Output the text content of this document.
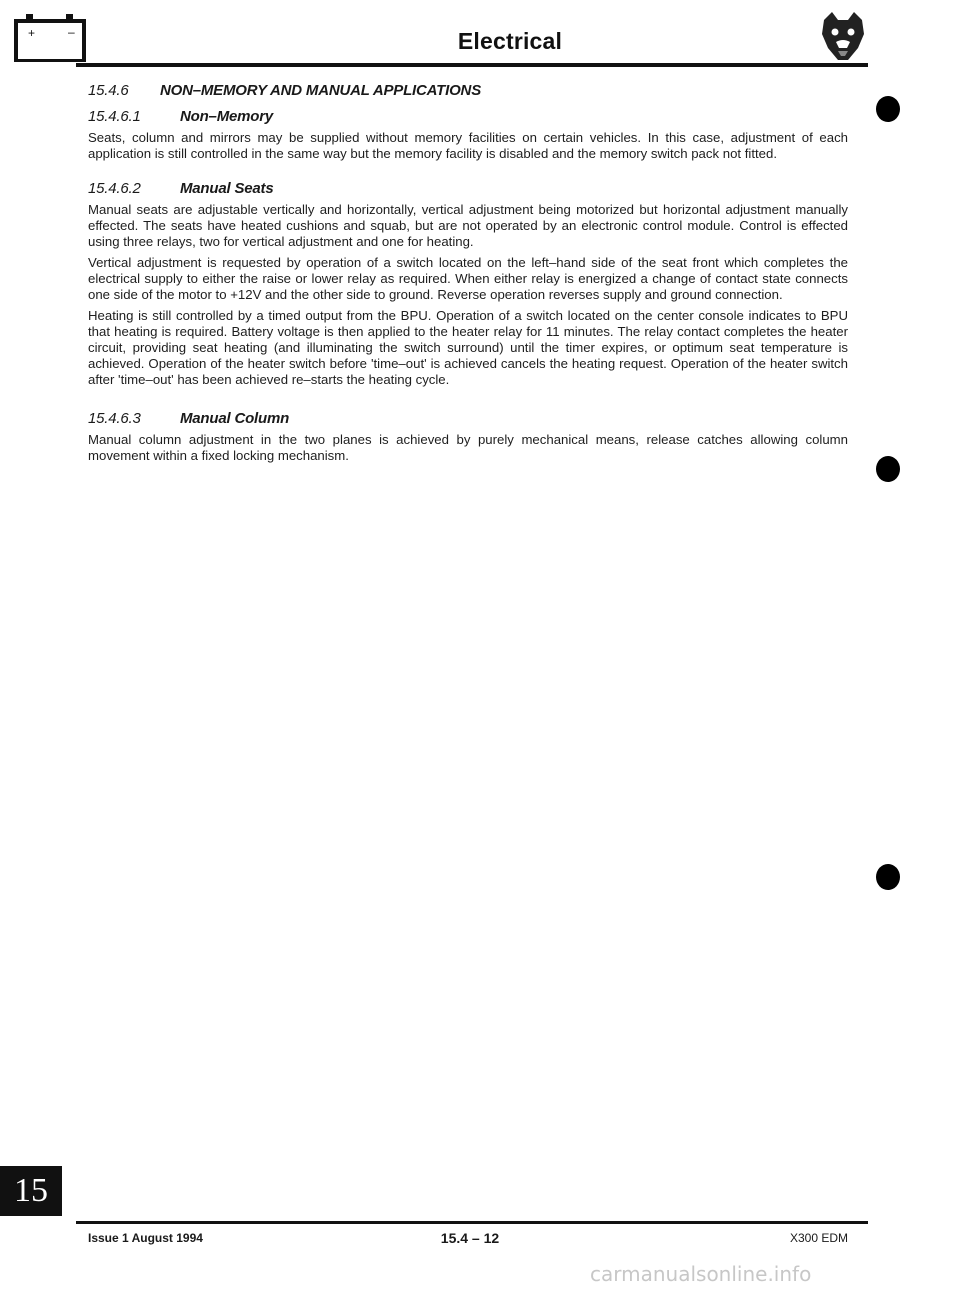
+	–	Electrical
15.4.6 NON–MEMORY AND MANUAL APPLICATIONS
15.4.6.1	Non–Memory

Seats, column and mirrors may be supplied without memory facilities on certain vehicles. In this case, adjustment of each application is still controlled in the same way but the memory facility is disabled and the memory switch pack not fitted.

15.4.6.2	Manual Seats

Manual seats are adjustable vertically and horizontally, vertical adjustment being motorized but horizontal adjustment manually effected. The seats have heated cushions and squab, but are not operated by an electronic control module. Control is effected using three relays, two for vertical adjustment and one for heating.

Vertical adjustment is requested by operation of a switch located on the left–hand side of the seat front which completes the electrical supply to either the raise or lower relay as required. When either relay is energized a change of contact state connects one side of the motor to +12V and the other side to ground. Reverse operation reverses supply and ground connection.

Heating is still controlled by a timed output from the BPU. Operation of a switch located on the center console indicates to BPU that heating is required. Battery voltage is then applied to the heater relay for 11 minutes. The relay contact completes the heater circuit, providing seat heating (and illuminating the switch surround) until the timer expires, or optimum seat temperature is achieved. Operation of the heater switch before 'time–out' is achieved cancels the heating request. Operation of the heater switch after 'time–out' has been achieved re–starts the heating cycle.

15.4.6.3	Manual Column

Manual column adjustment in the two planes is achieved by purely mechanical means, release catches allowing column movement within a fixed locking mechanism.

15
Issue 1 August 1994	15.4 – 12	X300 EDM
carmanualsonline.info
